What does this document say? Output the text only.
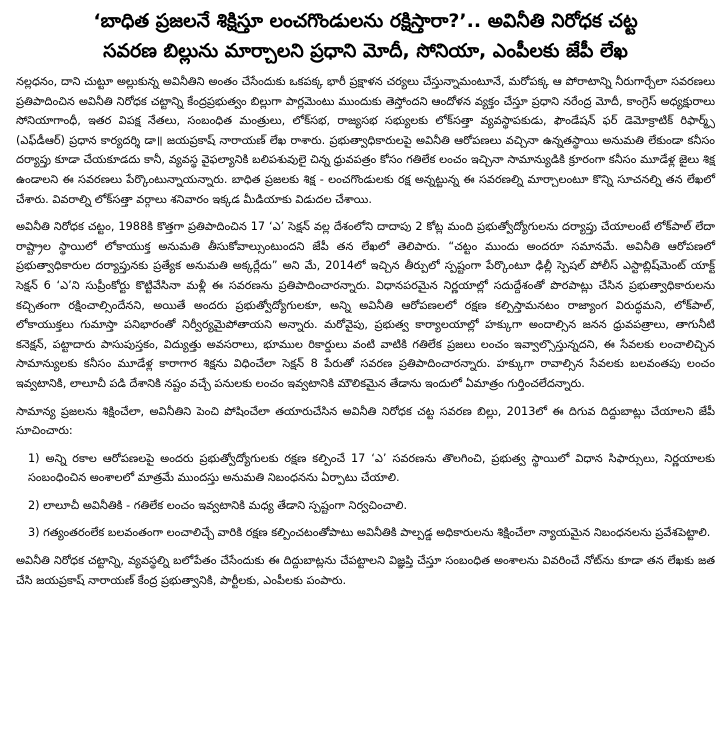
‘బాధిత ప్రజలనే శిక్షిస్తూ లంచగొండులను రక్షిస్తారా?’.. అవినీతి నిరోధక చట్ట
సవరణ బిల్లును మార్చాలని ప్రధాని మోదీ, సోనియా, ఎంపీలకు జేపీ లేఖ

నల్లధనం, దాని చుట్టూ అల్లుకున్న అవినీతిని అంతం చేసేందుకు ఒకపక్క భారీ ప్రక్షాళన చర్యలు చేస్తున్నామంటూనే, మరోపక్క ఆ పోరాటాన్ని నీరుగార్చేలా సవరణలు ప్రతిపాదించిన అవినీతి నిరోధక చట్టాన్ని కేంద్రప్రభుత్వం బిల్లుగా పార్లమెంటు ముందుకు తెస్తోందని ఆందోళన వ్యక్తం చేస్తూ ప్రధాని నరేంద్ర మోదీ, కాంగ్రెస్ అధ్యక్షురాలు సోనియాగాంధీ, ఇతర విపక్ష నేతలు, సంబంధిత మంత్రులు, లోక్‌సభ, రాజ్యసభ సభ్యులకు లోక్‌సత్తా వ్యవస్థాపకుడు, ఫౌండేషన్ ఫర్ డెమోక్రాటిక్ రిఫార్మ్స్ (ఎఫ్‌డీఆర్) ప్రధాన కార్యదర్శి డా॥ జయప్రకాష్ నారాయణ్ లేఖ రాశారు. ప్రభుత్వాధికారులపై అవినీతి ఆరోపణలు వచ్చినా ఉన్నతస్థాయి అనుమతి లేకుండా కనీసం దర్యాప్తు కూడా చేయకూడదు కానీ, వ్యవస్థ వైఫల్యానికి బలిపశువులై చిన్న ధ్రువపత్రం కోసం గతిలేక లంచం ఇచ్చినా సామాన్యుడికి క్రూరంగా కనీసం మూడేళ్ల జైలు శిక్ష ఉండాలని ఈ సవరణలు పేర్కొంటున్నాయన్నారు. బాధిత ప్రజలకు శిక్ష - లంచగొండులకు రక్ష అన్నట్టున్న ఈ సవరణల్ని మార్చాలంటూ కొన్ని సూచనల్ని తన లేఖలో చేశారు. వివరాల్ని లోక్‌సత్తా వర్గాలు శనివారం ఇక్కడ మీడియాకు విడుదల చేశాయి.

అవినీతి నిరోధక చట్టం, 1988కి కొత్తగా ప్రతిపాదించిన 17 ‘ఎ’ సెక్షన్ వల్ల దేశంలోని దాదాపు 2 కోట్ల మంది ప్రభుత్వోద్యోగులను దర్యాప్తు చేయాలంటే లోక్‌పాల్ లేదా రాష్ట్రాల స్థాయిలో లోకాయుక్త అనుమతి తీసుకోవాల్సుంటుందని జేపీ తన లేఖలో తెలిపారు. “చట్టం ముందు అందరూ సమానమే. అవినీతి ఆరోపణలో ప్రభుత్వాధికారుల దర్యాప్తునకు ప్రత్యేక అనుమతి అక్కర్లేదు” అని మే, 2014లో ఇచ్చిన తీర్పులో స్పష్టంగా పేర్కొంటూ ఢిల్లీ స్పెషల్ పోలీస్ ఎస్టాబ్లిష్‌మెంట్ యాక్ట్ సెక్షన్ 6 ‘ఎ’ని సుప్రీంకోర్టు కొట్టివేసినా మళ్లీ ఈ సవరణను ప్రతిపాదించారన్నారు. విధానపరమైన నిర్ణయాల్లో సదుద్దేశంతో పొరపాట్లు చేసిన ప్రభుత్వాధికారులను కచ్చితంగా రక్షించాల్సిందేనని, అయితే అందరు ప్రభుత్వోద్యోగులకూ, అన్ని అవినీతి ఆరోపణలలో రక్షణ కల్పిస్తామనటం రాజ్యాంగ విరుద్ధమని, లోక్‌పాల్, లోకాయుక్తలు గుమాస్తా పనిభారంతో నిర్వీర్యమైపోతాయని అన్నారు. మరోవైపు, ప్రభుత్వ కార్యాలయాల్లో హక్కుగా అందాల్సిన జనన ధ్రువపత్రాలు, తాగునీటి కనెక్షన్, పట్టాదారు పాసుపుస్తకం, విద్యుత్తు అవసరాలు, భూముల రికార్డులు వంటి వాటికి గతిలేక ప్రజలు లంచం ఇవ్వాల్సొస్తున్నదని, ఈ సేవలకు లంచాలిచ్చిన సామాన్యులకు కనీసం మూడేళ్ల కారాగార శిక్షను విధించేలా సెక్షన్ 8 పేరుతో సవరణ ప్రతిపాదించారన్నారు. హక్కుగా రావాల్సిన సేవలకు బలవంతపు లంచం ఇవ్వటానికి, లాలూచీ పడి దేశానికి నష్టం వచ్చే పనులకు లంచం ఇవ్వటానికి మౌలికమైన తేడాను ఇందులో ఏమాత్రం గుర్తించలేదన్నారు.

సామాన్య ప్రజలను శిక్షించేలా, అవినీతిని పెంచి పోషించేలా తయారుచేసిన అవినీతి నిరోధక చట్ట సవరణ బిల్లు, 2013లో ఈ దిగువ దిద్దుబాట్లు చేయాలని జేపీ సూచించారు:

1) అన్ని రకాల ఆరోపణలపై అందరు ప్రభుత్వోద్యోగులకు రక్షణ కల్పించే 17 ‘ఎ’ సవరణను తొలగించి, ప్రభుత్వ స్థాయిలో విధాన సిఫార్సులు, నిర్ణయాలకు సంబంధించిన అంశాలలో మాత్రమే ముందస్తు అనుమతి నిబంధనను ఏర్పాటు చేయాలి.

2) లాలూచీ అవినీతికి - గతిలేక లంచం ఇవ్వటానికి మధ్య తేడాని స్పష్టంగా నిర్వచించాలి.

3) గత్యంతరంలేక బలవంతంగా లంచాలిచ్చే వారికి రక్షణ కల్పించటంతోపాటు అవినీతికి పాల్పడ్డ అధికారులను శిక్షించేలా న్యాయమైన నిబంధనలను ప్రవేశపెట్టాలి.

అవినీతి నిరోధక చట్టాన్ని, వ్యవస్థల్ని బలోపేతం చేసేందుకు ఈ దిద్దుబాట్లను చేపట్టాలని విజ్ఞప్తి చేస్తూ సంబంధిత అంశాలను వివరించే నోట్‌ను కూడా తన లేఖకు జత చేసి జయప్రకాష్ నారాయణ్ కేంద్ర ప్రభుత్వానికి, పార్టీలకు, ఎంపీలకు పంపారు.
